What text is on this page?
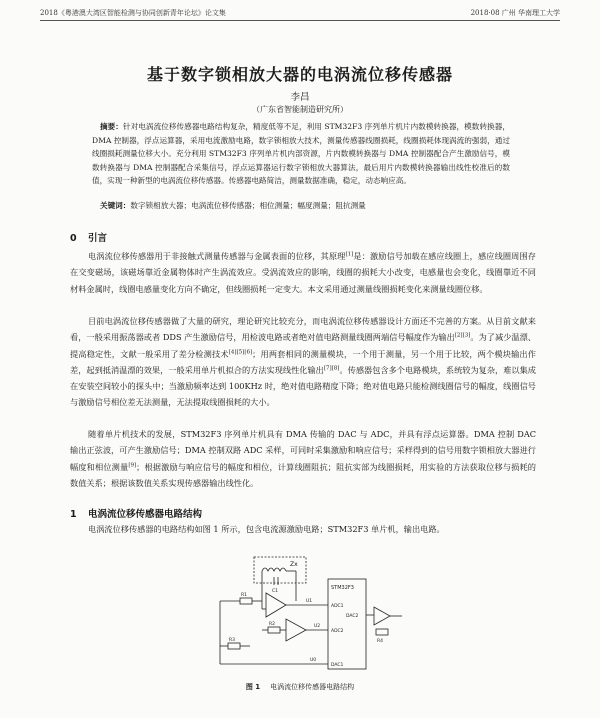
2018《粤港澳大湾区智能检测与协同创新青年论坛》论文集	2018·08 广州 华南理工大学
基于数字锁相放大器的电涡流位移传感器
李昌
（广东省智能制造研究所）
摘要：针对电涡流位移传感器电路结构复杂，精度低等不足，利用 STM32F3 序列单片机片内数模转换器，模数转换器，DMA 控制器，浮点运算器，采用电流激励电路，数字锁相放大技术，测量传感器线圈损耗，线圈损耗体现涡流的强弱，通过线圈损耗测量位移大小。充分利用 STM32F3 序列单片机内部资源，片内数模转换器与 DMA 控制器配合产生激励信号，模数转换器与 DMA 控制器配合采集信号，浮点运算器运行数字锁相放大器算法，最后用片内数模转换器输出线性校准后的数值，实现一种新型的电涡流位移传感器。传感器电路简洁，测量数据准确，稳定，动态响应高。
关键词：数字锁相放大器；电涡流位移传感器；相位测量；幅度测量；阻抗测量
0 引言
电涡流位移传感器用于非接触式测量传感器与金属表面的位移，其原理[1]是：激励信号加载在感应线圈上，感应线圈周围存在交变磁场，该磁场靠近金属物体时产生涡流效应。受涡流效应的影响，线圈的损耗大小改变，电感量也会变化，线圈靠近不同材料金属时，线圈电感量变化方向不确定，但线圈损耗一定变大。本文采用通过测量线圈损耗变化来测量线圈位移。
目前电涡流位移传感器做了大量的研究，理论研究比较充分，而电涡流位移传感器设计方面还不完善的方案。从目前文献来看，一般采用振荡器或者 DDS 产生激励信号，用检波电路或者绝对值电路测量线圈两端信号幅度作为输出[2][3]。为了减少温漂、提高稳定性，文献一般采用了差分检测技术[4][5][6]；用两套相同的测量模块，一个用于测量，另一个用于比较，两个模块输出作差，起到抵消温漂的效果，一般采用单片机拟合的方法实现线性化输出[7][8]。传感器包含多个电路模块，系统较为复杂，难以集成在安装空间较小的探头中；当激励频率达到 100KHz 时，绝对值电路精度下降；绝对值电路只能检测线圈信号的幅度，线圈信号与激励信号相位差无法测量，无法提取线圈损耗的大小。
随着单片机技术的发展，STM32F3 序列单片机具有 DMA 传输的 DAC 与 ADC，并具有浮点运算器。DMA 控制 DAC 输出正弦波，可产生激励信号；DMA 控制双路 ADC 采样，可同时采集激励和响应信号；采样得到的信号用数字锁相放大器进行幅度和相位测量[9]；根据激励与响应信号的幅度和相位，计算线圈阻抗；阻抗实部为线圈损耗，用实验的方法获取位移与损耗的数值关系；根据该数值关系实现传感器输出线性化。
1 电涡流位移传感器电路结构
电涡流位移传感器的电路结构如图 1 所示，包含电流源激励电路；STM32F3 单片机，输出电路。
Zx
C1
R1
U1
R2	U2
R3
U0
STM32F3
ADC1
ADC2
DAC1
DAC2
R4
图 1 电涡流位移传感器电路结构
